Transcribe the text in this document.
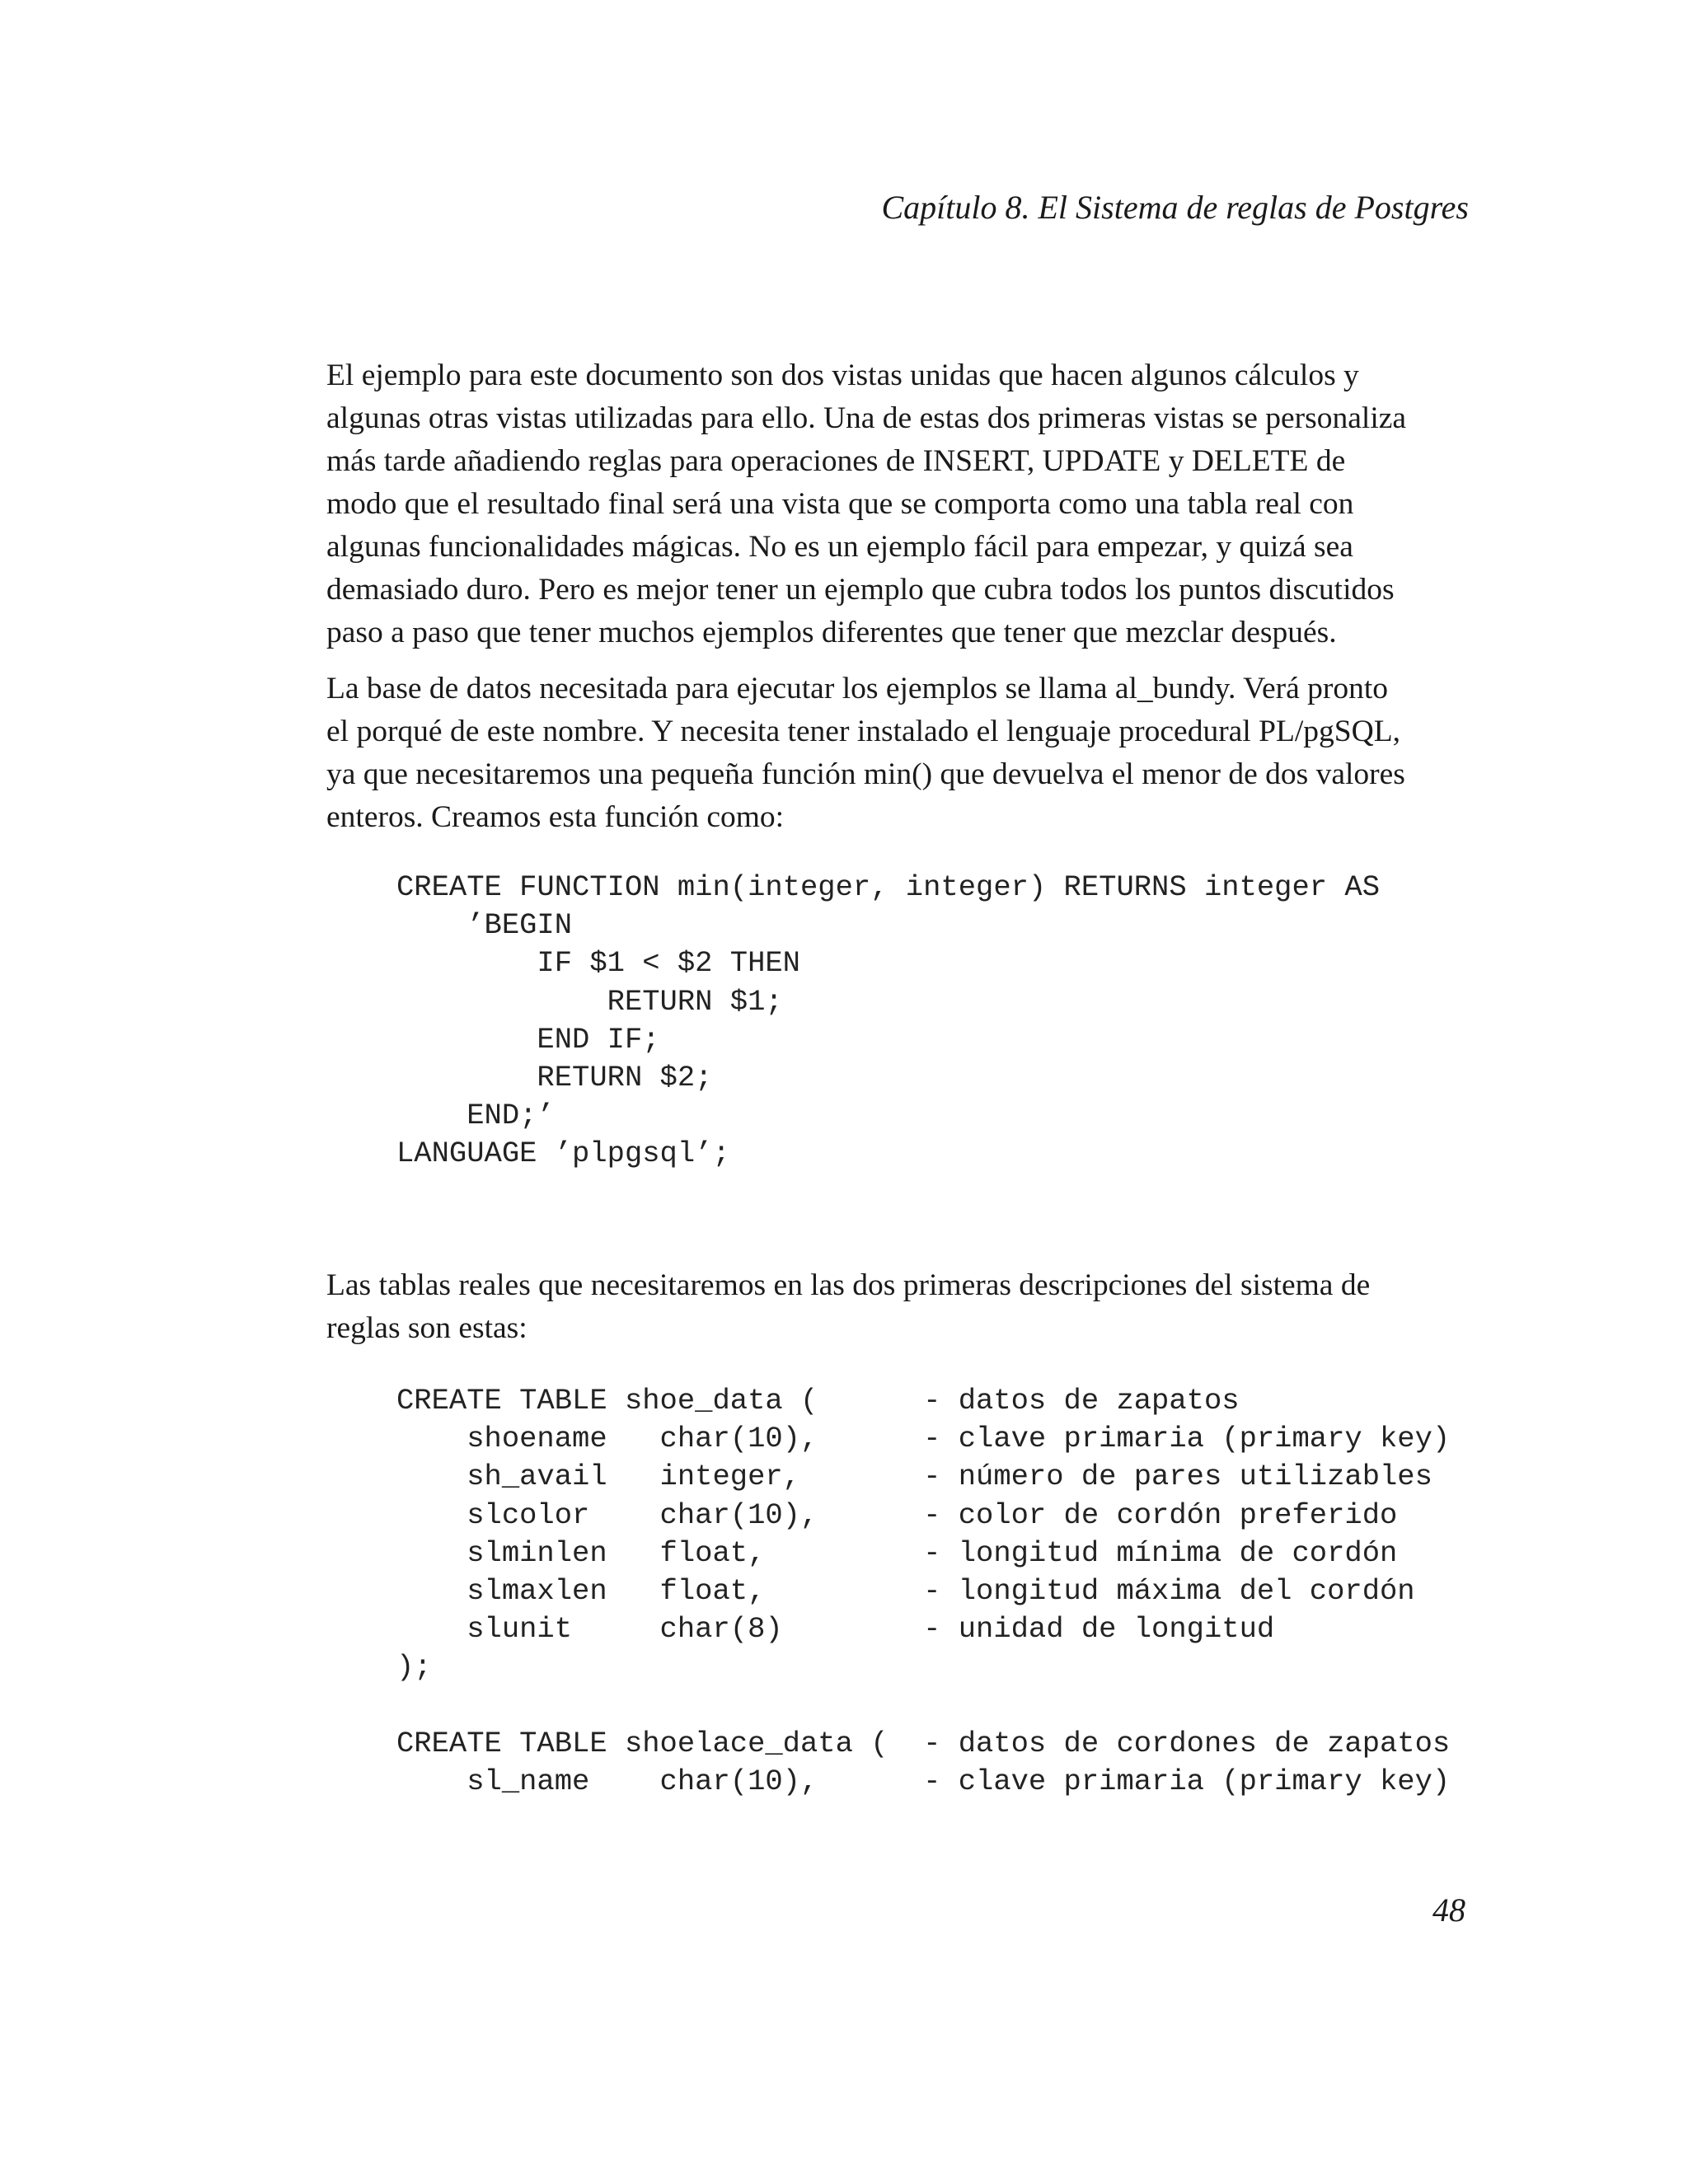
Capítulo 8. El Sistema de reglas de Postgres

El ejemplo para este documento son dos vistas unidas que hacen algunos cálculos y
algunas otras vistas utilizadas para ello. Una de estas dos primeras vistas se personaliza
más tarde añadiendo reglas para operaciones de INSERT, UPDATE y DELETE de
modo que el resultado final será una vista que se comporta como una tabla real con
algunas funcionalidades mágicas. No es un ejemplo fácil para empezar, y quizá sea
demasiado duro. Pero es mejor tener un ejemplo que cubra todos los puntos discutidos
paso a paso que tener muchos ejemplos diferentes que tener que mezclar después.

La base de datos necesitada para ejecutar los ejemplos se llama al_bundy. Verá pronto
el porqué de este nombre. Y necesita tener instalado el lenguaje procedural PL/pgSQL,
ya que necesitaremos una pequeña función min() que devuelva el menor de dos valores
enteros. Creamos esta función como:

CREATE FUNCTION min(integer, integer) RETURNS integer AS
’BEGIN
IF $1 < $2 THEN
RETURN $1;
END IF;
RETURN $2;
END;’
LANGUAGE ’plpgsql’;

Las tablas reales que necesitaremos en las dos primeras descripciones del sistema de
reglas son estas:

CREATE TABLE shoe_data (      - datos de zapatos
shoename   char(10),      - clave primaria (primary key)
sh_avail   integer,       - número de pares utilizables
slcolor    char(10),      - color de cordón preferido
slminlen   float,         - longitud mínima de cordón
slmaxlen   float,         - longitud máxima del cordón
slunit     char(8)        - unidad de longitud
);

CREATE TABLE shoelace_data (  - datos de cordones de zapatos
sl_name    char(10),      - clave primaria (primary key)
48
